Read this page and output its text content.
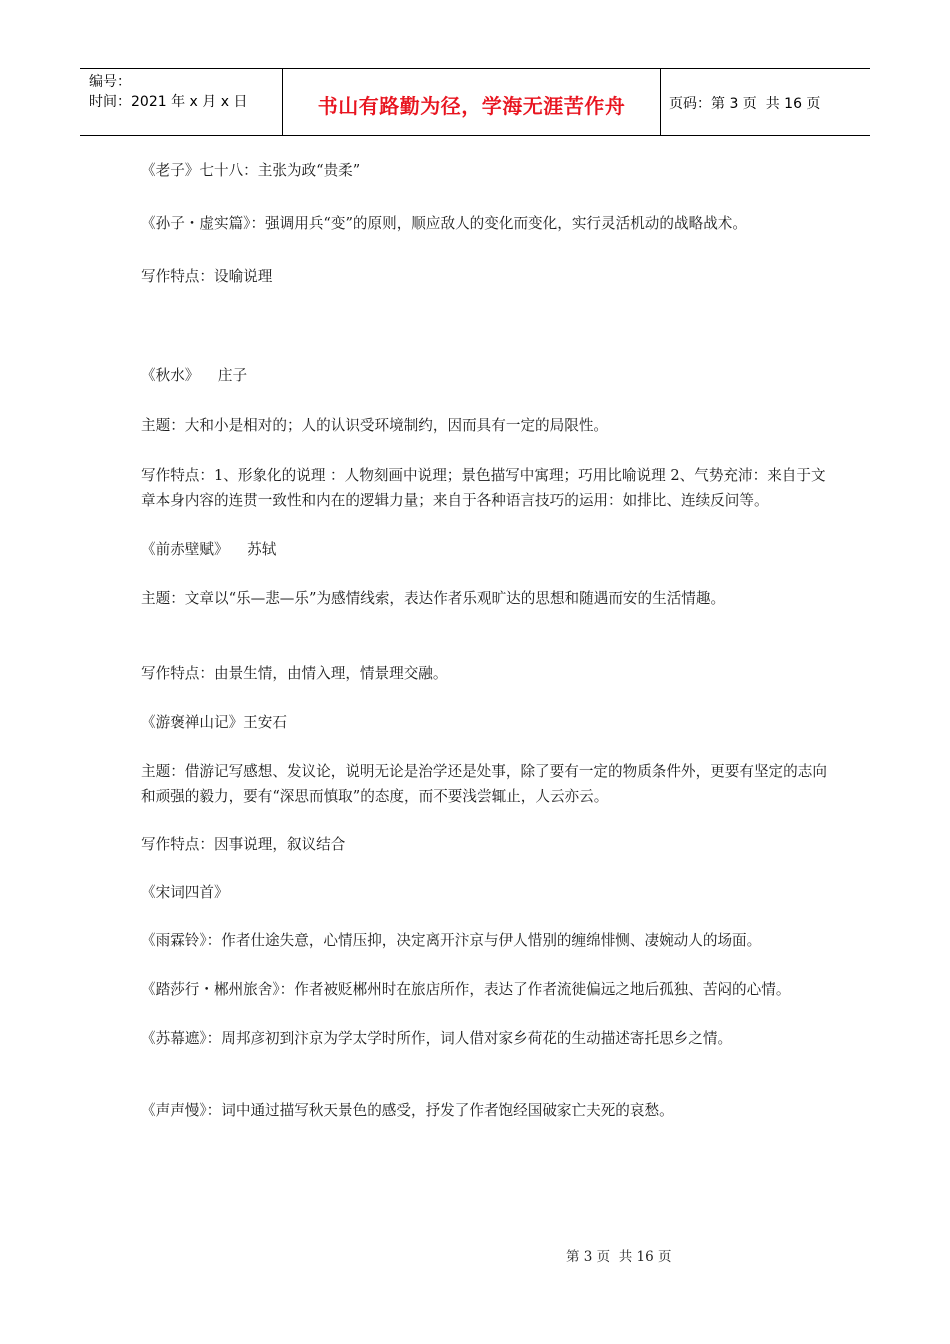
编号：
时间：2021 年 x 月 x 日	书山有路勤为径，学海无涯苦作舟	页码：第 3 页  共 16 页

《老子》七十八：主张为政“贵柔”

《孙子・虚实篇》：强调用兵“变”的原则，顺应敌人的变化而变化，实行灵活机动的战略战术。

写作特点：设喻说理

《秋水》    庄子

主题：大和小是相对的；人的认识受环境制约，因而具有一定的局限性。

写作特点：1、形象化的说理 ：人物刻画中说理；景色描写中寓理；巧用比喻说理 2、气势充沛：来自于文章本身内容的连贯一致性和内在的逻辑力量；来自于各种语言技巧的运用：如排比、连续反问等。

《前赤壁赋》    苏轼

主题：文章以“乐—悲—乐”为感情线索，表达作者乐观旷达的思想和随遇而安的生活情趣。

写作特点：由景生情，由情入理，情景理交融。

《游褒禅山记》王安石

主题：借游记写感想、发议论，说明无论是治学还是处事，除了要有一定的物质条件外，更要有坚定的志向和顽强的毅力，要有“深思而慎取”的态度，而不要浅尝辄止，人云亦云。

写作特点：因事说理，叙议结合

《宋词四首》

《雨霖铃》：作者仕途失意，心情压抑，决定离开汴京与伊人惜别的缠绵悱恻、凄婉动人的场面。

《踏莎行・郴州旅舍》：作者被贬郴州时在旅店所作，表达了作者流徙偏远之地后孤独、苦闷的心情。

《苏幕遮》：周邦彦初到汴京为学太学时所作，词人借对家乡荷花的生动描述寄托思乡之情。

《声声慢》：词中通过描写秋天景色的感受，抒发了作者饱经国破家亡夫死的哀愁。

第 3 页  共 16 页
